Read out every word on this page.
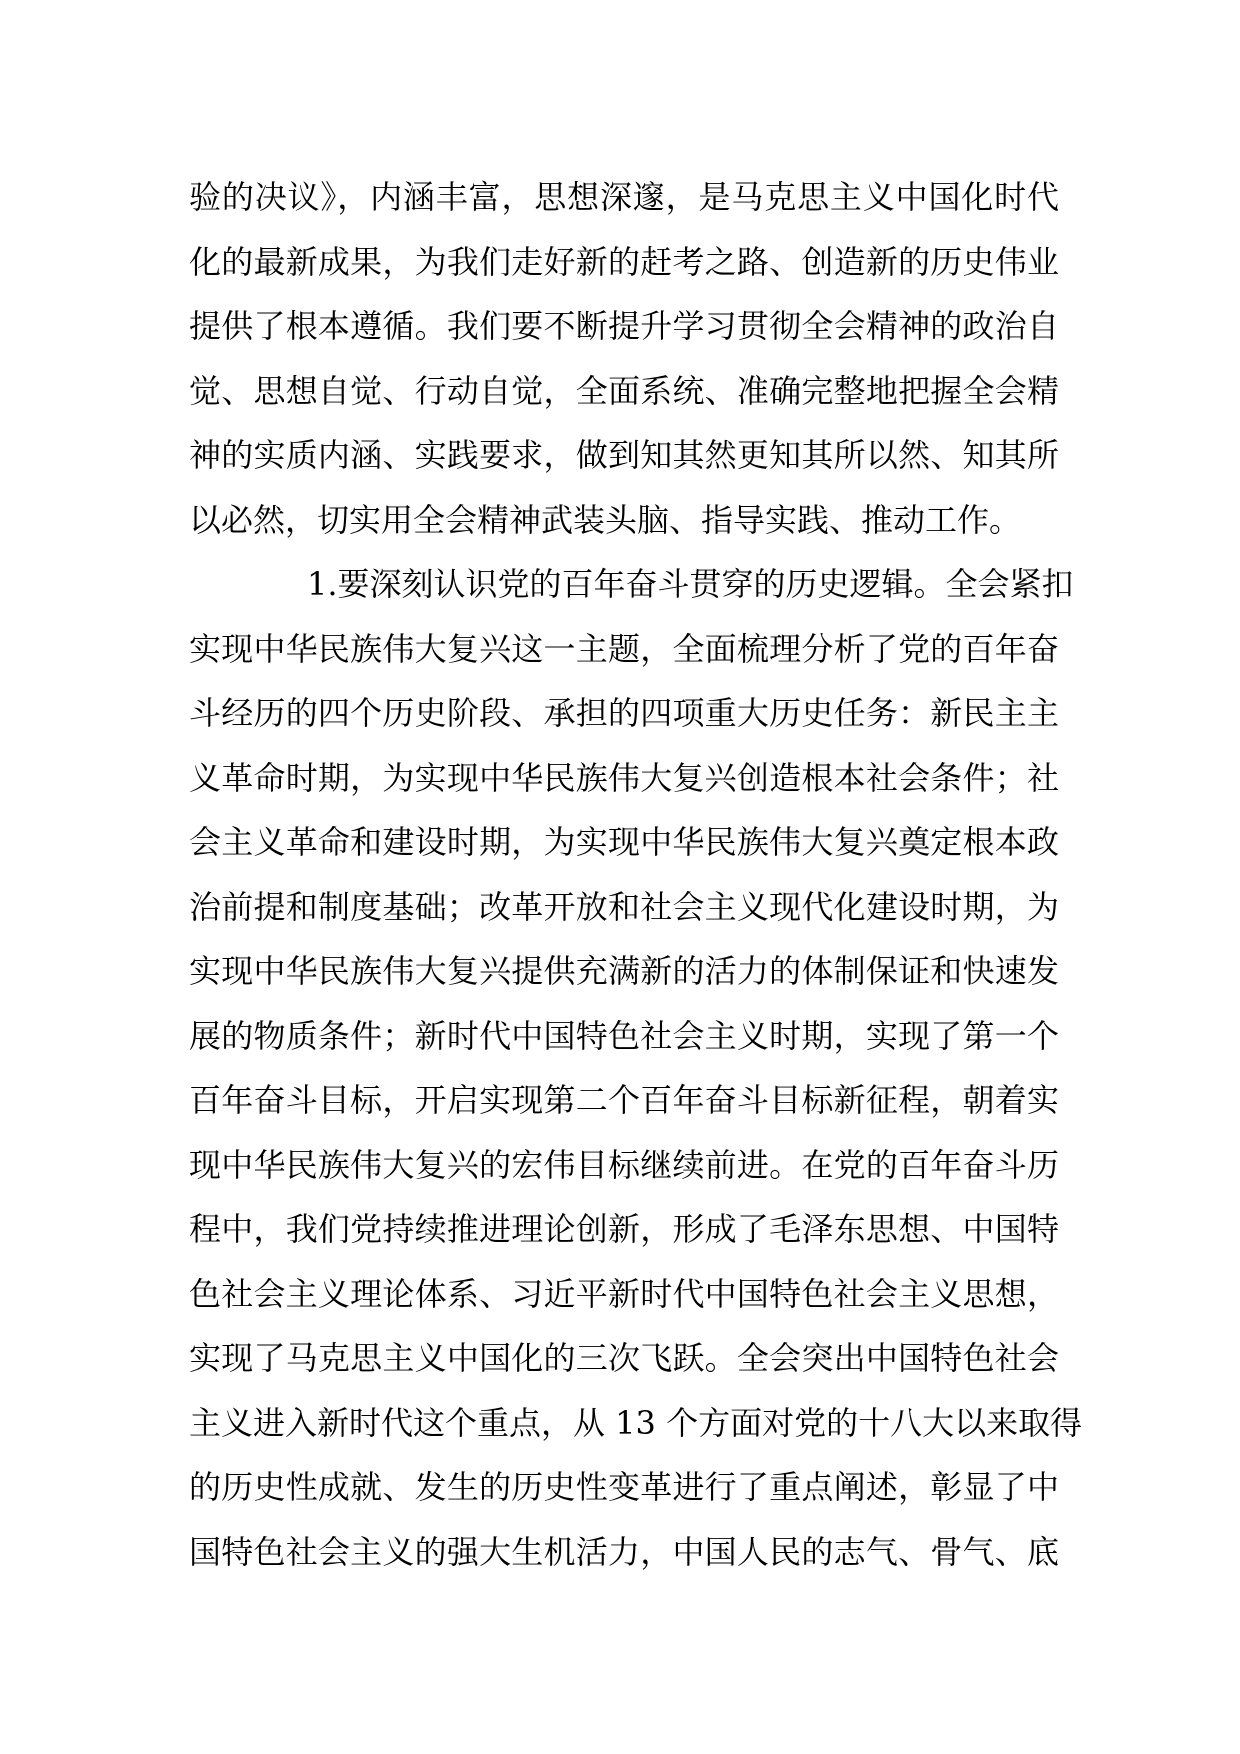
验的决议》，内涵丰富，思想深邃，是马克思主义中国化时代
化的最新成果，为我们走好新的赶考之路、创造新的历史伟业
提供了根本遵循。我们要不断提升学习贯彻全会精神的政治自
觉、思想自觉、行动自觉，全面系统、准确完整地把握全会精
神的实质内涵、实践要求，做到知其然更知其所以然、知其所
以必然，切实用全会精神武装头脑、指导实践、推动工作。
1.要深刻认识党的百年奋斗贯穿的历史逻辑。全会紧扣
实现中华民族伟大复兴这一主题，全面梳理分析了党的百年奋
斗经历的四个历史阶段、承担的四项重大历史任务：新民主主
义革命时期，为实现中华民族伟大复兴创造根本社会条件；社
会主义革命和建设时期，为实现中华民族伟大复兴奠定根本政
治前提和制度基础；改革开放和社会主义现代化建设时期，为
实现中华民族伟大复兴提供充满新的活力的体制保证和快速发
展的物质条件；新时代中国特色社会主义时期，实现了第一个
百年奋斗目标，开启实现第二个百年奋斗目标新征程，朝着实
现中华民族伟大复兴的宏伟目标继续前进。在党的百年奋斗历
程中，我们党持续推进理论创新，形成了毛泽东思想、中国特
色社会主义理论体系、习近平新时代中国特色社会主义思想，
实现了马克思主义中国化的三次飞跃。全会突出中国特色社会
主义进入新时代这个重点，从 13 个方面对党的十八大以来取得
的历史性成就、发生的历史性变革进行了重点阐述，彰显了中
国特色社会主义的强大生机活力，中国人民的志气、骨气、底
